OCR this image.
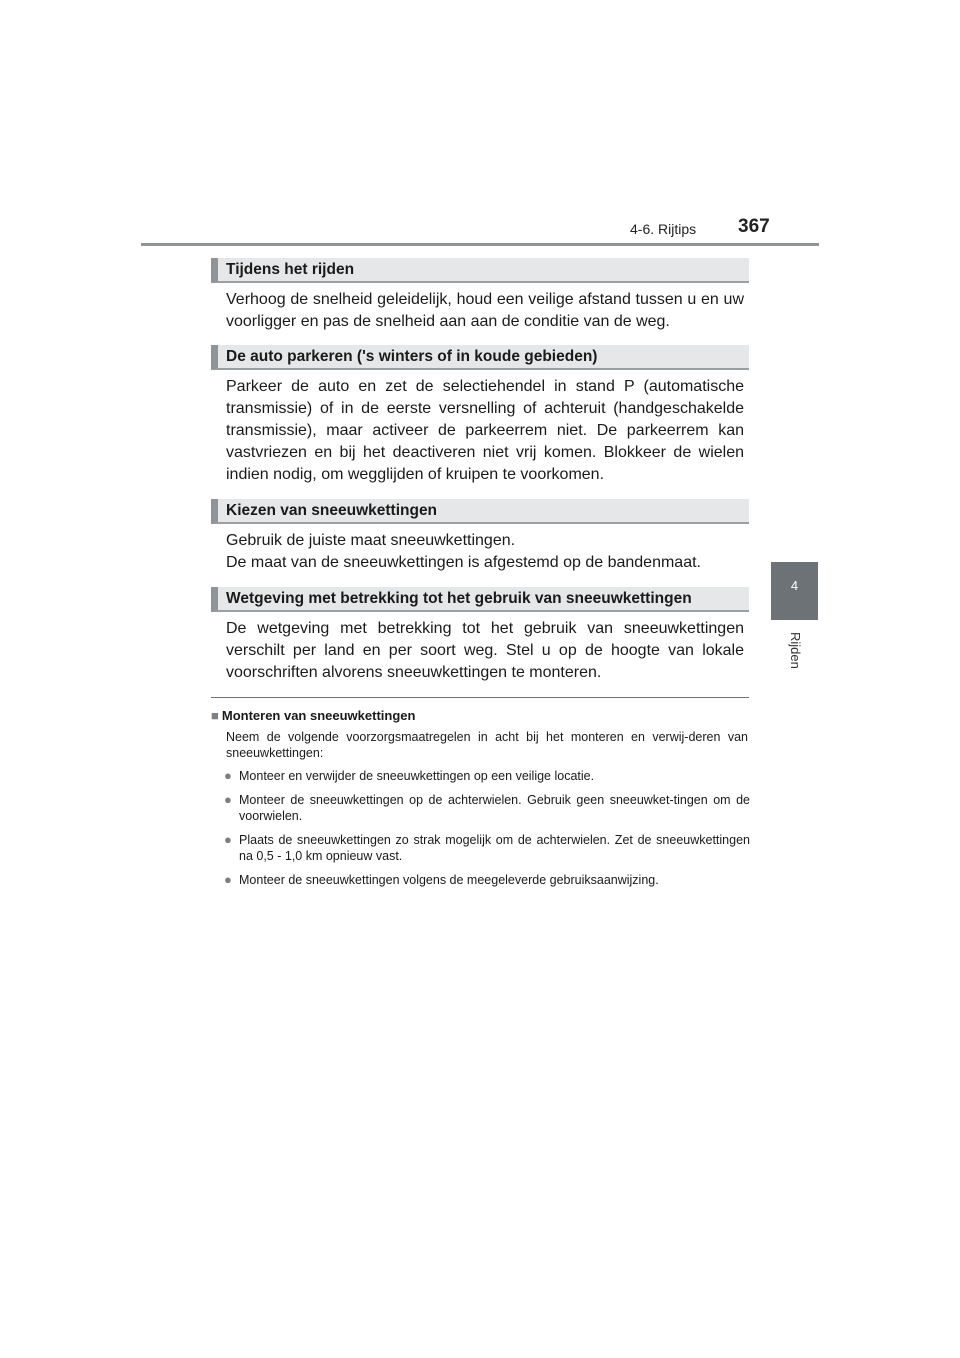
4-6. Rijtips 367
4
Rijden
Tijdens het rijden

Verhoog de snelheid geleidelijk, houd een veilige afstand tussen u en uw voorligger en pas de snelheid aan aan de conditie van de weg.

De auto parkeren ('s winters of in koude gebieden)

Parkeer de auto en zet de selectiehendel in stand P (automatische transmissie) of in de eerste versnelling of achteruit (handgeschakelde transmissie), maar activeer de parkeerrem niet. De parkeerrem kan vastvriezen en bij het deactiveren niet vrij komen. Blokkeer de wielen indien nodig, om wegglijden of kruipen te voorkomen.

Kiezen van sneeuwkettingen

Gebruik de juiste maat sneeuwkettingen.
De maat van de sneeuwkettingen is afgestemd op de bandenmaat.

Wetgeving met betrekking tot het gebruik van sneeuwkettingen

De wetgeving met betrekking tot het gebruik van sneeuwkettingen verschilt per land en per soort weg. Stel u op de hoogte van lokale voorschriften alvorens sneeuwkettingen te monteren.

■ Monteren van sneeuwkettingen

Neem de volgende voorzorgsmaatregelen in acht bij het monteren en verwij-deren van sneeuwkettingen:

● Monteer en verwijder de sneeuwkettingen op een veilige locatie.
● Monteer de sneeuwkettingen op de achterwielen. Gebruik geen sneeuwket-tingen om de voorwielen.
● Plaats de sneeuwkettingen zo strak mogelijk om de achterwielen. Zet de sneeuwkettingen na 0,5 - 1,0 km opnieuw vast.
● Monteer de sneeuwkettingen volgens de meegeleverde gebruiksaanwijzing.
